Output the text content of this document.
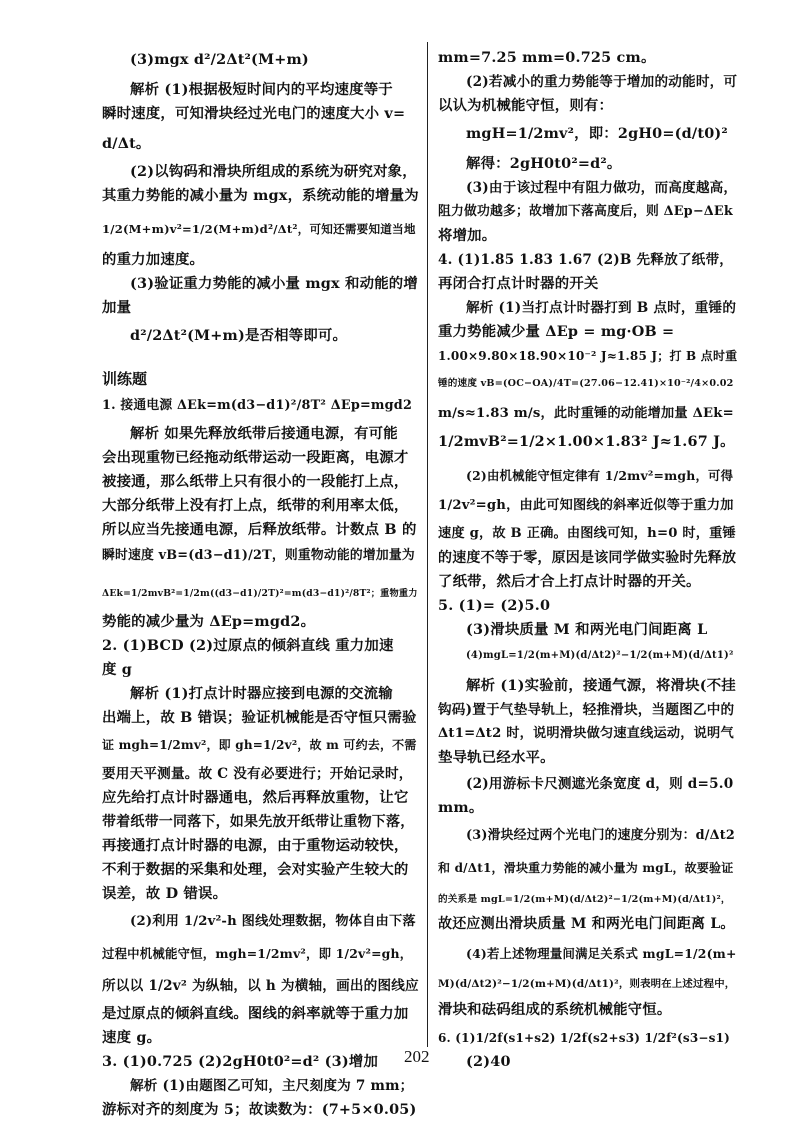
(3)mgx d²/2Δt²(M+m)
解析 (1)根据极短时间内的平均速度等于
瞬时速度，可知滑块经过光电门的速度大小 v=
d/Δt。
(2)以钩码和滑块所组成的系统为研究对象，
其重力势能的减小量为 mgx，系统动能的增量为
1/2(M+m)v²=1/2(M+m)d²/Δt²，可知还需要知道当地
的重力加速度。
(3)验证重力势能的减小量 mgx 和动能的增
加量
d²/2Δt²(M+m)是否相等即可。
训练题
1. 接通电源 ΔEk=m(d3−d1)²/8T² ΔEp=mgd2
解析 如果先释放纸带后接通电源，有可能
会出现重物已经拖动纸带运动一段距离，电源才
被接通，那么纸带上只有很小的一段能打上点，
大部分纸带上没有打上点，纸带的利用率太低，
所以应当先接通电源，后释放纸带。计数点 B 的
瞬时速度 vB=(d3−d1)/2T，则重物动能的增加量为
ΔEk=1/2mvB²=1/2m((d3−d1)/2T)²=m(d3−d1)²/8T²；重物重力
势能的减少量为 ΔEp=mgd2。
2. (1)BCD (2)过原点的倾斜直线 重力加速
度 g
解析 (1)打点计时器应接到电源的交流输
出端上，故 B 错误；验证机械能是否守恒只需验
证 mgh=1/2mv²，即 gh=1/2v²，故 m 可约去，不需
要用天平测量。故 C 没有必要进行；开始记录时，
应先给打点计时器通电，然后再释放重物，让它
带着纸带一同落下，如果先放开纸带让重物下落，
再接通打点计时器的电源，由于重物运动较快，
不利于数据的采集和处理，会对实验产生较大的
误差，故 D 错误。
(2)利用 1/2v²-h 图线处理数据，物体自由下落
过程中机械能守恒，mgh=1/2mv²，即 1/2v²=gh，
所以以 1/2v² 为纵轴，以 h 为横轴，画出的图线应
是过原点的倾斜直线。图线的斜率就等于重力加
速度 g。
3. (1)0.725 (2)2gH0t0²=d² (3)增加
解析 (1)由题图乙可知，主尺刻度为 7 mm；
游标对齐的刻度为 5；故读数为：(7+5×0.05)
mm=7.25 mm=0.725 cm。
(2)若减小的重力势能等于增加的动能时，可
以认为机械能守恒，则有：
mgH=1/2mv²，即：2gH0=(d/t0)²
解得：2gH0t0²=d²。
(3)由于该过程中有阻力做功，而高度越高，
阻力做功越多；故增加下落高度后，则 ΔEp−ΔEk
将增加。
4. (1)1.85 1.83 1.67 (2)B 先释放了纸带，
再闭合打点计时器的开关
解析 (1)当打点计时器打到 B 点时，重锤的
重力势能减少量 ΔEp = mg·OB =
1.00×9.80×18.90×10⁻² J≈1.85 J；打 B 点时重
锤的速度 vB=(OC−OA)/4T=(27.06−12.41)×10⁻²/4×0.02
m/s≈1.83 m/s，此时重锤的动能增加量 ΔEk=
1/2mvB²=1/2×1.00×1.83² J≈1.67 J。
(2)由机械能守恒定律有 1/2mv²=mgh，可得
1/2v²=gh，由此可知图线的斜率近似等于重力加
速度 g，故 B 正确。由图线可知，h=0 时，重锤
的速度不等于零，原因是该同学做实验时先释放
了纸带，然后才合上打点计时器的开关。
5. (1)= (2)5.0
(3)滑块质量 M 和两光电门间距离 L
(4)mgL=1/2(m+M)(d/Δt2)²−1/2(m+M)(d/Δt1)²
解析 (1)实验前，接通气源，将滑块(不挂
钩码)置于气垫导轨上，轻推滑块，当题图乙中的
Δt1=Δt2 时，说明滑块做匀速直线运动，说明气
垫导轨已经水平。
(2)用游标卡尺测遮光条宽度 d，则 d=5.0
mm。
(3)滑块经过两个光电门的速度分别为：d/Δt2
和 d/Δt1，滑块重力势能的减小量为 mgL，故要验证
的关系是 mgL=1/2(m+M)(d/Δt2)²−1/2(m+M)(d/Δt1)²，
故还应测出滑块质量 M 和两光电门间距离 L。
(4)若上述物理量间满足关系式 mgL=1/2(m+
M)(d/Δt2)²−1/2(m+M)(d/Δt1)²，则表明在上述过程中，
滑块和砝码组成的系统机械能守恒。
6. (1)1/2f(s1+s2) 1/2f(s2+s3) 1/2f²(s3−s1)
(2)40
202
